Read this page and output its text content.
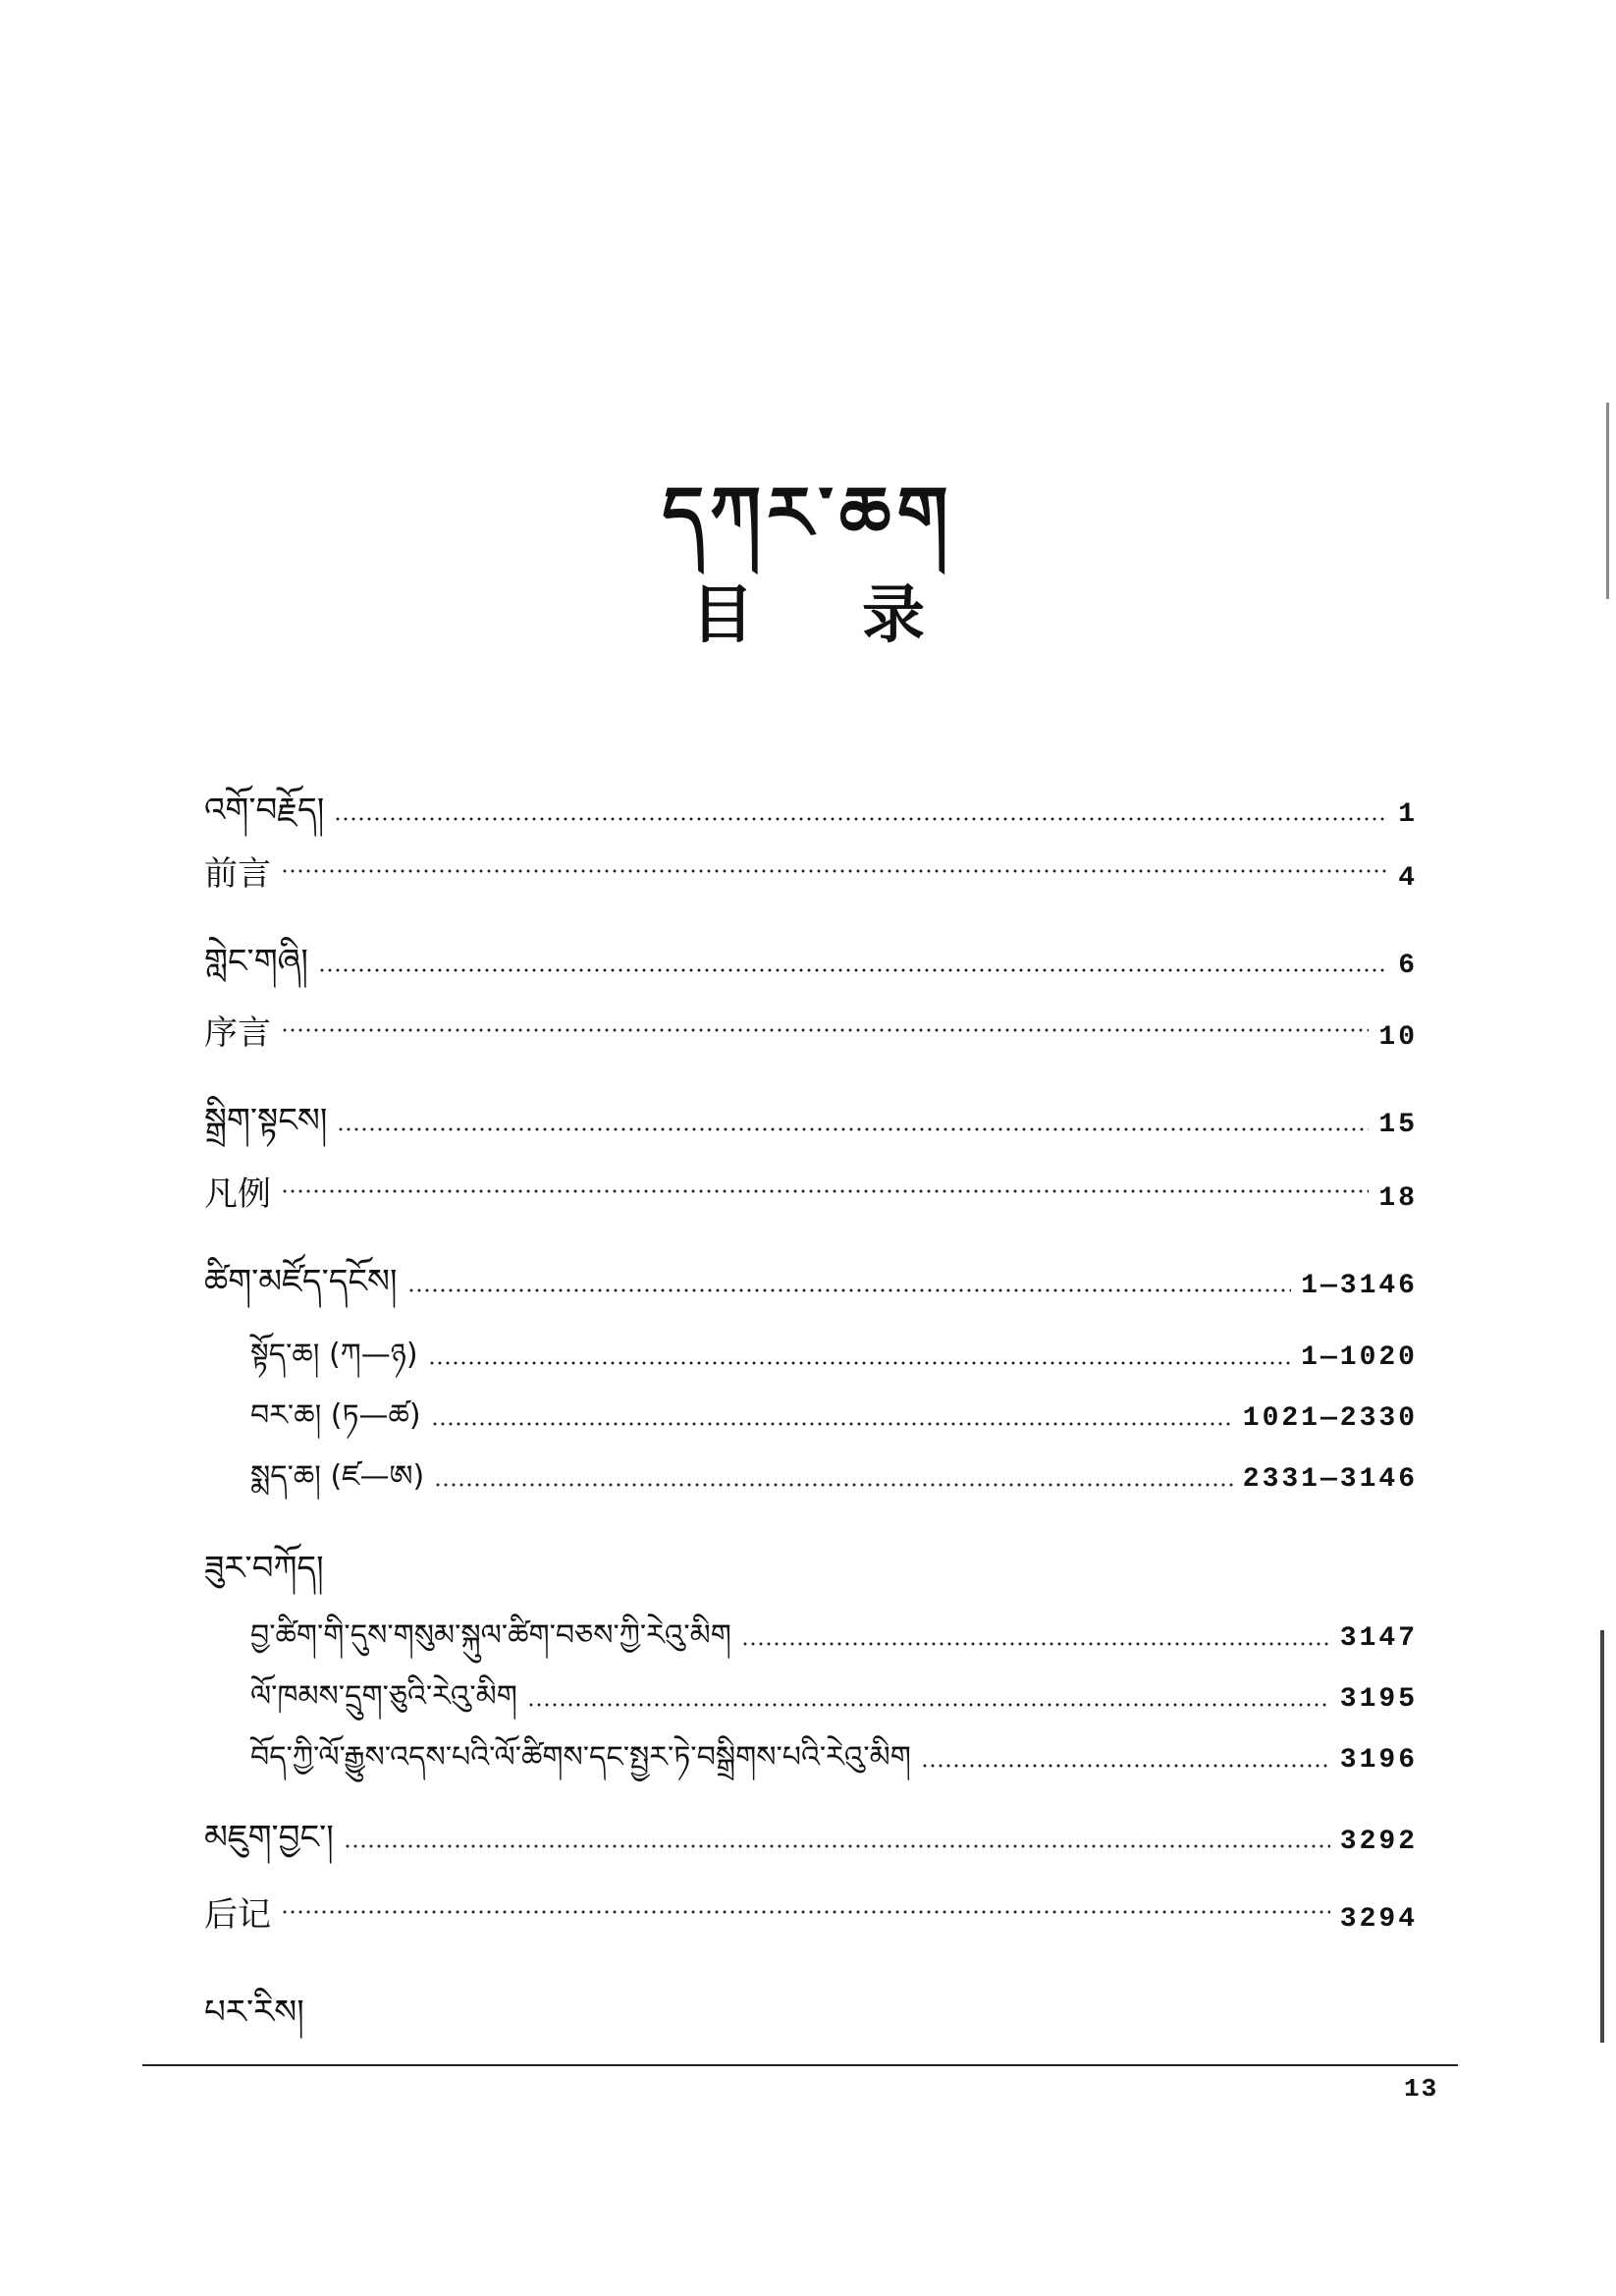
དཀར་ཆག
目录
འགོ་བརྗོད།	1
前言	4
གླེང་གཞི།	6
序言	10
སྒྲིག་སྟངས།	15
凡例	18
ཚིག་མཛོད་དངོས།	1—3146
སྟོད་ཆ། (ཀ—ཉ)	1—1020
བར་ཆ། (ཏ—ཚ)	1021—2330
སྨད་ཆ། (ཛ—ཨ)	2331—3146
ཟུར་བཀོད།
བྱ་ཚིག་གི་དུས་གསུམ་སྐུལ་ཚིག་བཅས་ཀྱི་རེའུ་མིག	3147
ལོ་ཁམས་དྲུག་ཅུའི་རེའུ་མིག	3195
བོད་ཀྱི་ལོ་རྒྱུས་འདས་པའི་ལོ་ཚིགས་དང་སྤྱར་ཏེ་བསྒྲིགས་པའི་རེའུ་མིག	3196
མཇུག་བྱང་།	3292
后记	3294
པར་རིས།
13
